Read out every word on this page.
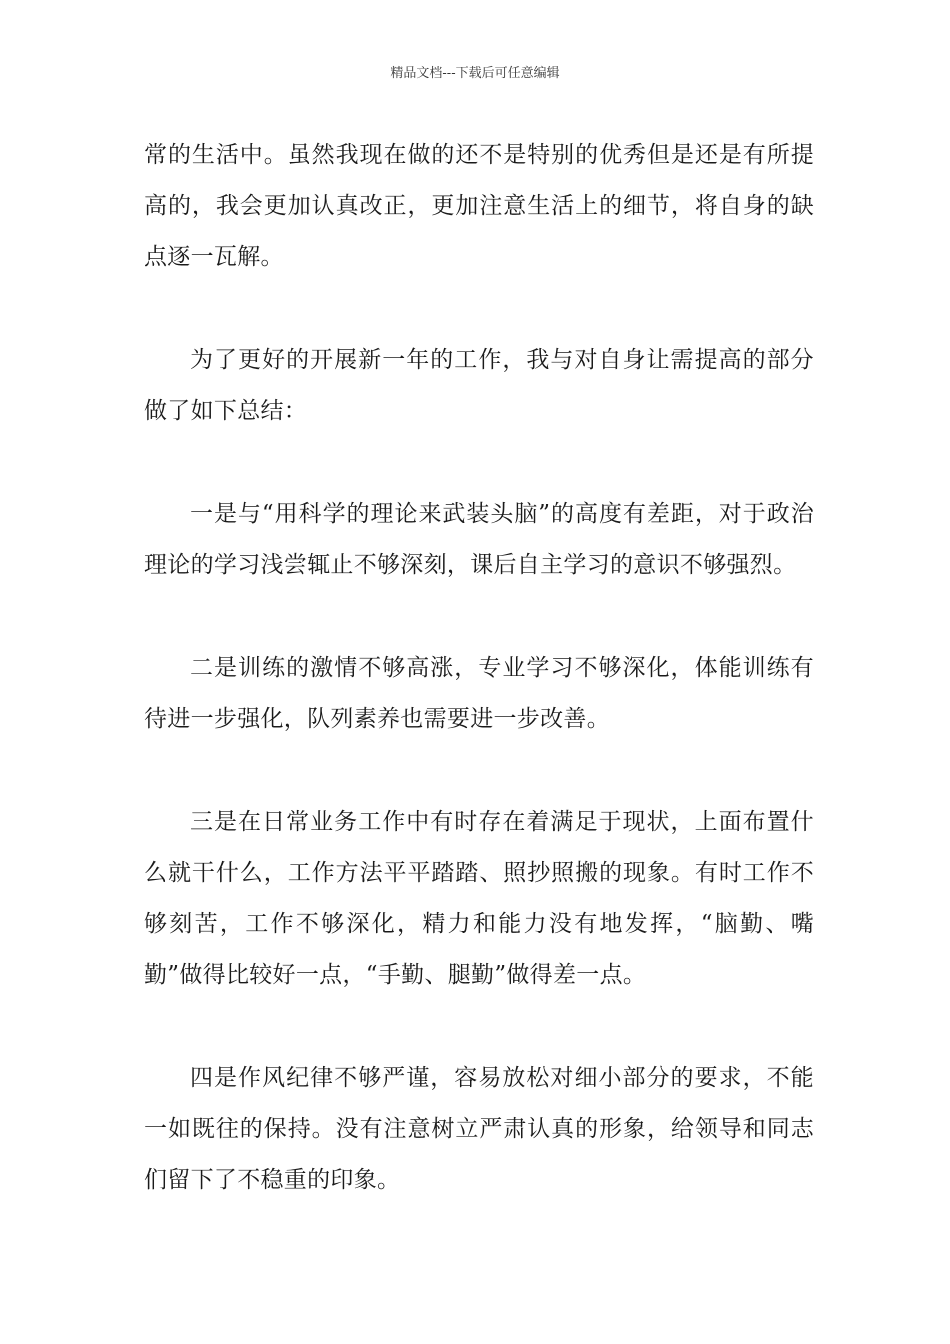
精品文档---下载后可任意编辑

常的生活中。虽然我现在做的还不是特别的优秀但是还是有所提高的，我会更加认真改正，更加注意生活上的细节，将自身的缺点逐一瓦解。

为了更好的开展新一年的工作，我与对自身让需提高的部分做了如下总结：

一是与“用科学的理论来武装头脑”的高度有差距，对于政治理论的学习浅尝辄止不够深刻，课后自主学习的意识不够强烈。

二是训练的激情不够高涨，专业学习不够深化，体能训练有待进一步强化，队列素养也需要进一步改善。

三是在日常业务工作中有时存在着满足于现状，上面布置什么就干什么，工作方法平平踏踏、照抄照搬的现象。有时工作不够刻苦，工作不够深化，精力和能力没有地发挥，“脑勤、嘴勤”做得比较好一点，“手勤、腿勤”做得差一点。

四是作风纪律不够严谨，容易放松对细小部分的要求，不能一如既往的保持。没有注意树立严肃认真的形象，给领导和同志们留下了不稳重的印象。
